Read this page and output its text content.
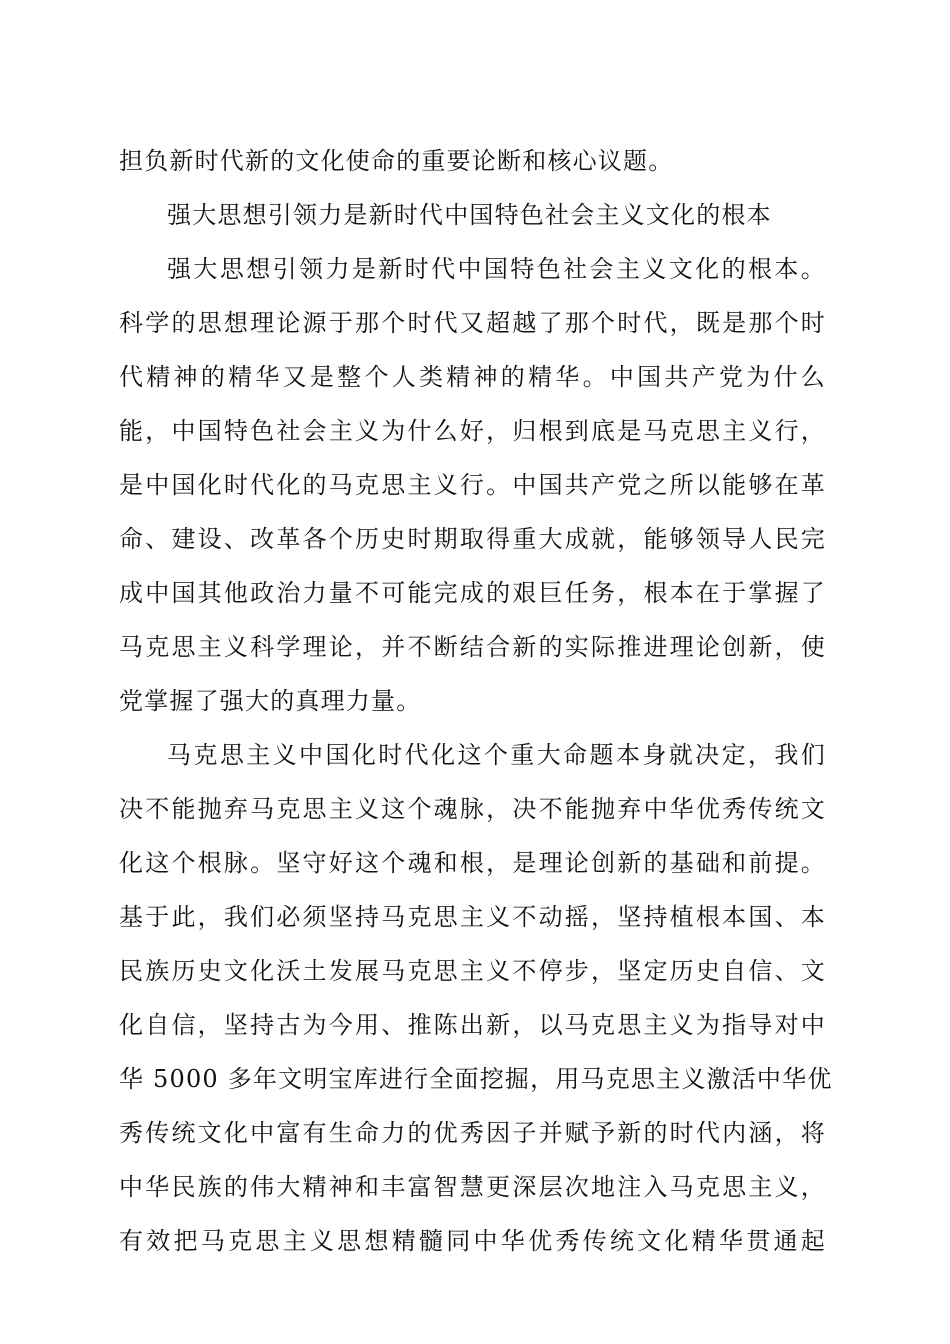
担负新时代新的文化使命的重要论断和核心议题。
强大思想引领力是新时代中国特色社会主义文化的根本
强大思想引领力是新时代中国特色社会主义文化的根本。
科学的思想理论源于那个时代又超越了那个时代，既是那个时
代精神的精华又是整个人类精神的精华。中国共产党为什么
能，中国特色社会主义为什么好，归根到底是马克思主义行，
是中国化时代化的马克思主义行。中国共产党之所以能够在革
命、建设、改革各个历史时期取得重大成就，能够领导人民完
成中国其他政治力量不可能完成的艰巨任务，根本在于掌握了
马克思主义科学理论，并不断结合新的实际推进理论创新，使
党掌握了强大的真理力量。
马克思主义中国化时代化这个重大命题本身就决定，我们
决不能抛弃马克思主义这个魂脉，决不能抛弃中华优秀传统文
化这个根脉。坚守好这个魂和根，是理论创新的基础和前提。
基于此，我们必须坚持马克思主义不动摇，坚持植根本国、本
民族历史文化沃土发展马克思主义不停步，坚定历史自信、文
化自信，坚持古为今用、推陈出新，以马克思主义为指导对中
华 5000 多年文明宝库进行全面挖掘，用马克思主义激活中华优
秀传统文化中富有生命力的优秀因子并赋予新的时代内涵，将
中华民族的伟大精神和丰富智慧更深层次地注入马克思主义，
有效把马克思主义思想精髓同中华优秀传统文化精华贯通起
